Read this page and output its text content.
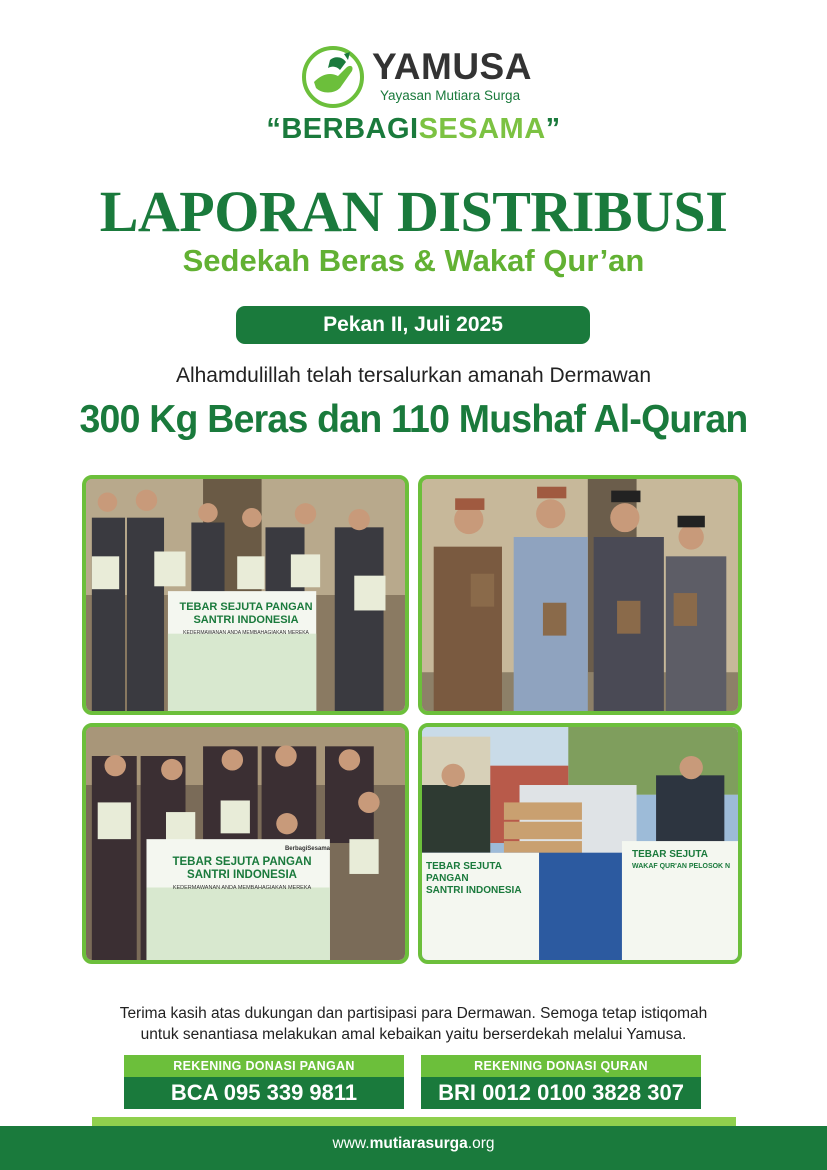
YAMUSA
Yayasan Mutiara Surga
“BERBAGISESAMA”
LAPORAN DISTRIBUSI
Sedekah Beras & Wakaf Qur’an
Pekan II, Juli 2025
Alhamdulillah telah tersalurkan amanah Dermawan
300 Kg Beras dan 110 Mushaf Al-Quran
TEBAR SEJUTA PANGAN
SANTRI INDONESIA
KEDERMAWANAN ANDA MEMBAHAGIAKAN MEREKA
BerbagiSesama
TEBAR SEJUTA PANGAN
SANTRI INDONESIA
KEDERMAWANAN ANDA MEMBAHAGIAKAN MEREKA
TEBAR SEJUTA PANGAN
SANTRI INDONESIA
TEBAR SEJUTA
WAKAF QUR'AN PELOSOK N
Terima kasih atas dukungan dan partisipasi para Dermawan. Semoga tetap istiqomah
untuk senantiasa melakukan amal kebaikan yaitu berserdekah melalui Yamusa.
REKENING DONASI PANGAN
BCA 095 339 9811
REKENING DONASI QURAN
BRI 0012 0100 3828 307
www.mutiarasurga.org
